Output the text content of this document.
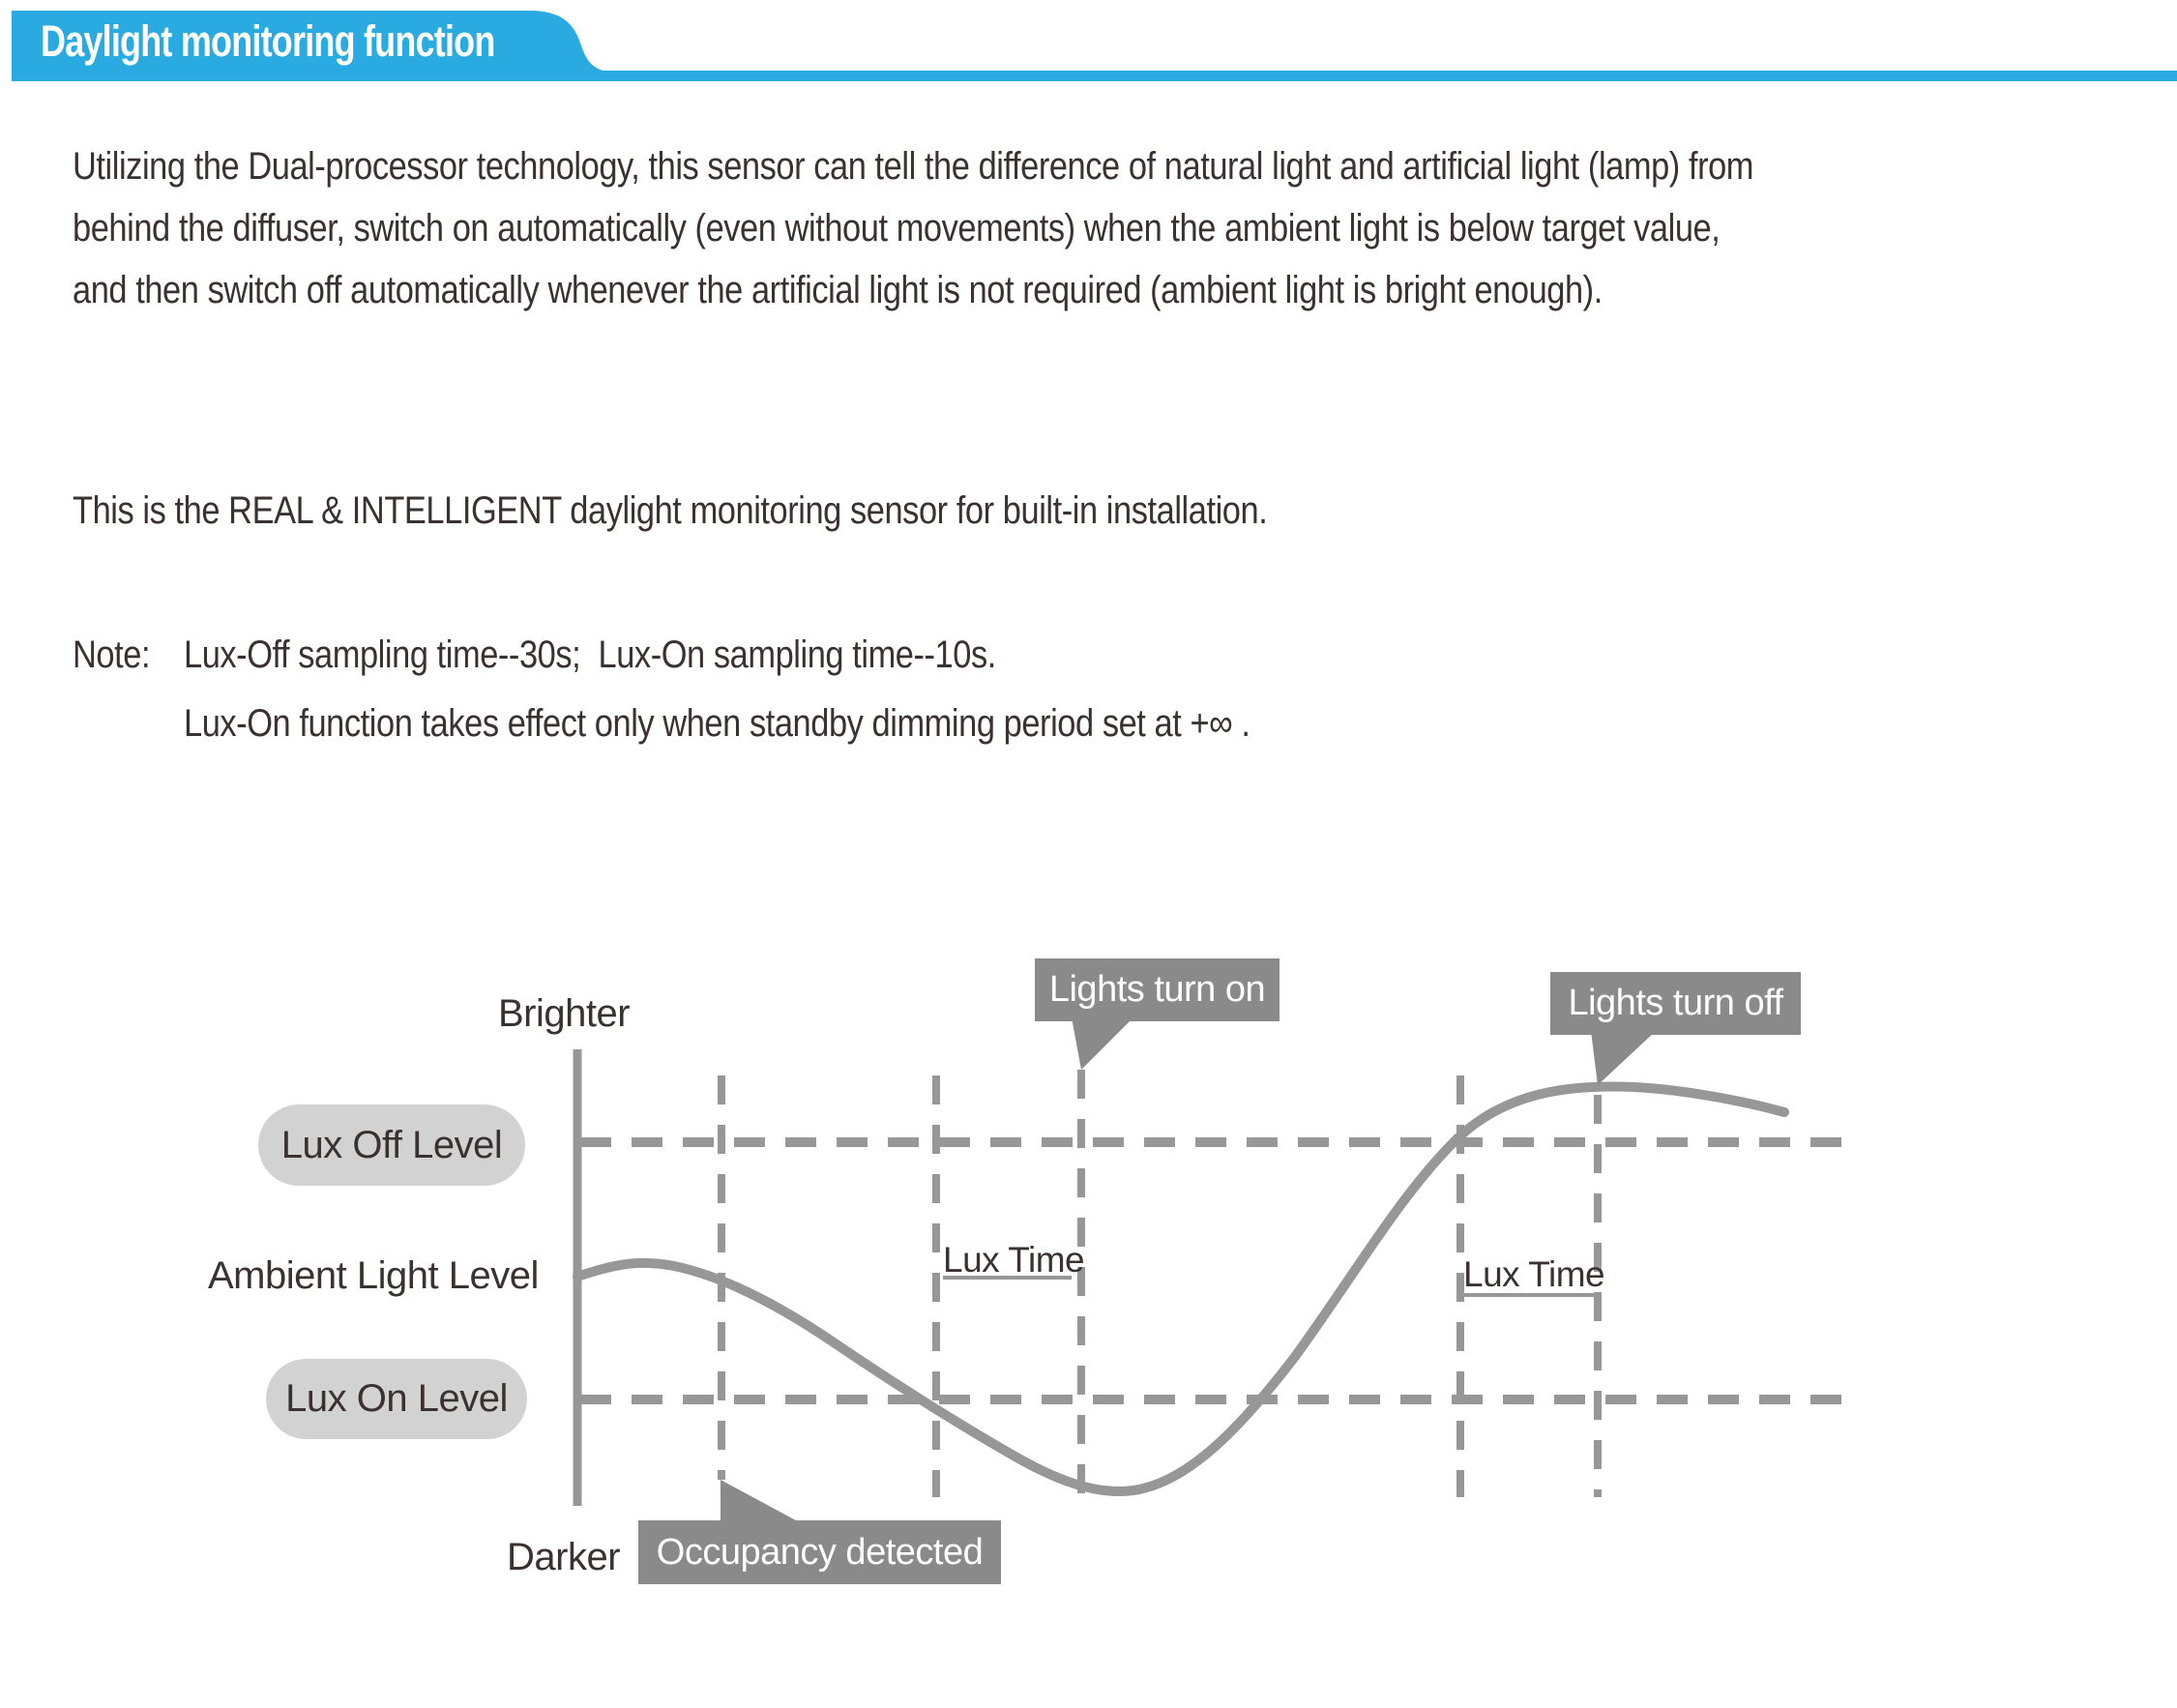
Daylight monitoring function
Utilizing the Dual-processor technology, this sensor can tell the difference of natural light and artificial light (lamp) from
behind the diffuser, switch on automatically (even without movements) when the ambient light is below target value,
and then switch off automatically whenever the artificial light is not required (ambient light is bright enough).
This is the REAL & INTELLIGENT daylight monitoring sensor for built-in installation.
Note: Lux-Off sampling time--30s;  Lux-On sampling time--10s.
Lux-On function takes effect only when standby dimming period set at +∞ .
Brighter
Lux Off Level
Ambient Light Level
Lux On Level
Darker
Lights turn on	Lights turn off
Occupancy detected
Lux Time	Lux Time
